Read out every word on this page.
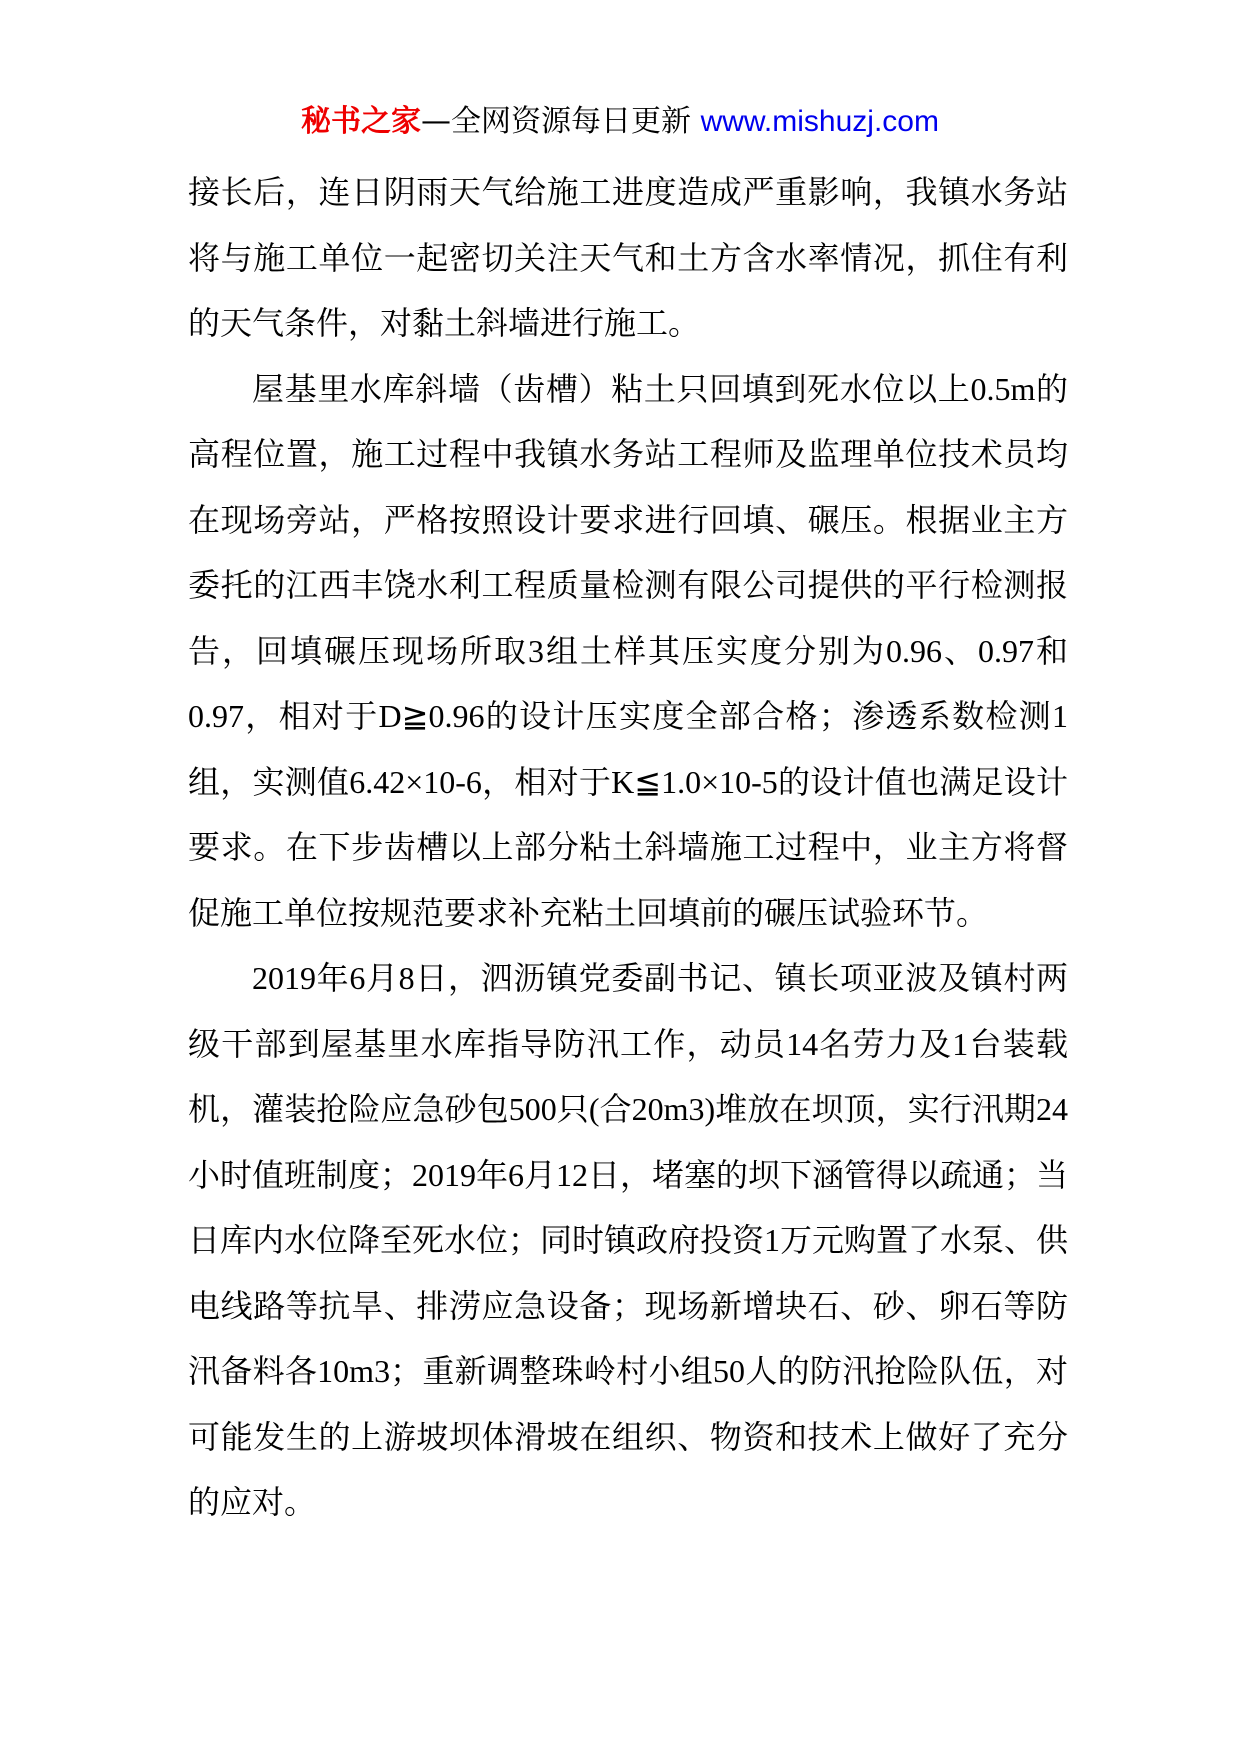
秘书之家—全网资源每日更新 www.mishuzj.com

接长后，连日阴雨天气给施工进度造成严重影响，我镇水务站将与施工单位一起密切关注天气和土方含水率情况，抓住有利的天气条件，对黏土斜墙进行施工。

屋基里水库斜墙（齿槽）粘土只回填到死水位以上0.5m的高程位置，施工过程中我镇水务站工程师及监理单位技术员均在现场旁站，严格按照设计要求进行回填、碾压。根据业主方委托的江西丰饶水利工程质量检测有限公司提供的平行检测报告，回填碾压现场所取3组土样其压实度分别为0.96、0.97和0.97，相对于D≧0.96的设计压实度全部合格；渗透系数检测1组，实测值6.42×10-6，相对于K≦1.0×10-5的设计值也满足设计要求。在下步齿槽以上部分粘土斜墙施工过程中，业主方将督促施工单位按规范要求补充粘土回填前的碾压试验环节。

2019年6月8日，泗沥镇党委副书记、镇长项亚波及镇村两级干部到屋基里水库指导防汛工作，动员14名劳力及1台装载机，灌装抢险应急砂包500只(合20m3)堆放在坝顶，实行汛期24小时值班制度；2019年6月12日，堵塞的坝下涵管得以疏通；当日库内水位降至死水位；同时镇政府投资1万元购置了水泵、供电线路等抗旱、排涝应急设备；现场新增块石、砂、卵石等防汛备料各10m3；重新调整珠岭村小组50人的防汛抢险队伍，对可能发生的上游坡坝体滑坡在组织、物资和技术上做好了充分的应对。
